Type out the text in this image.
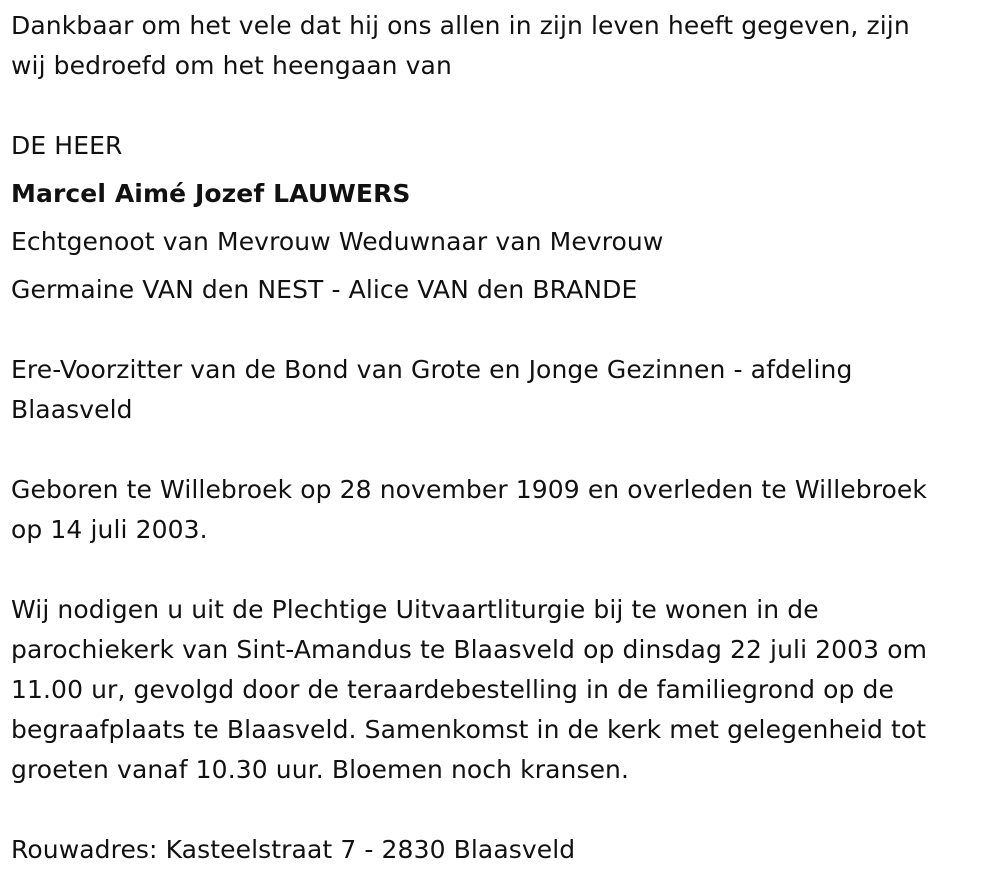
Dankbaar om het vele dat hij ons allen in zijn leven heeft gegeven, zijn
wij bedroefd om het heengaan van
DE HEER
Marcel Aimé Jozef LAUWERS
Echtgenoot van Mevrouw Weduwnaar van Mevrouw
Germaine VAN den NEST - Alice VAN den BRANDE
Ere-Voorzitter van de Bond van Grote en Jonge Gezinnen - afdeling
Blaasveld
Geboren te Willebroek op 28 november 1909 en overleden te Willebroek
op 14 juli 2003.
Wij nodigen u uit de Plechtige Uitvaartliturgie bij te wonen in de
parochiekerk van Sint-Amandus te Blaasveld op dinsdag 22 juli 2003 om
11.00 ur, gevolgd door de teraardebestelling in de familiegrond op de
begraafplaats te Blaasveld. Samenkomst in de kerk met gelegenheid tot
groeten vanaf 10.30 uur. Bloemen noch kransen.
Rouwadres: Kasteelstraat 7 - 2830 Blaasveld
